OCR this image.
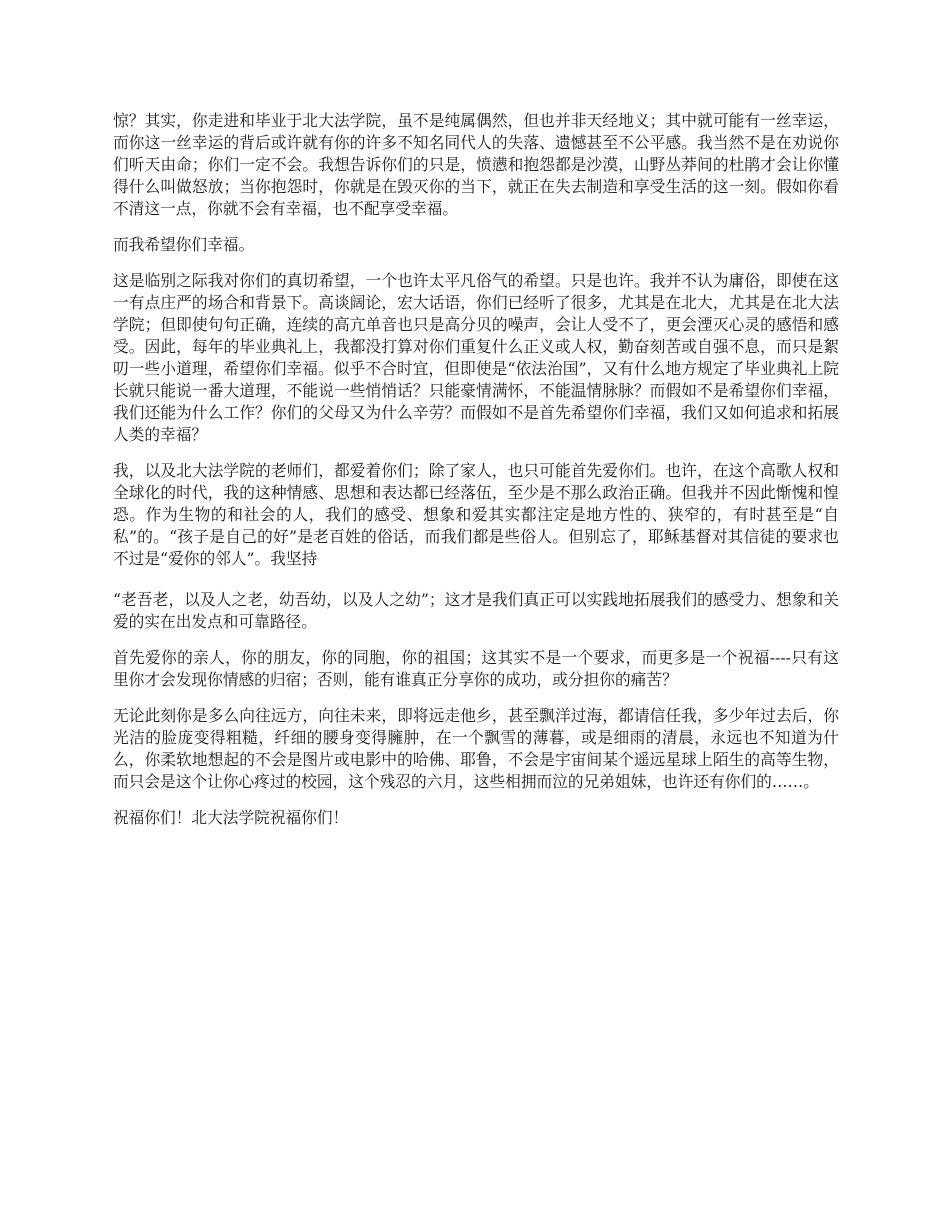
惊？其实，你走进和毕业于北大法学院，虽不是纯属偶然，但也并非天经地义；其中就可能有一丝幸运，而你这一丝幸运的背后或许就有你的许多不知名同代人的失落、遗憾甚至不公平感。我当然不是在劝说你们听天由命；你们一定不会。我想告诉你们的只是，愤懑和抱怨都是沙漠，山野丛莽间的杜鹃才会让你懂得什么叫做怒放；当你抱怨时，你就是在毁灭你的当下，就正在失去制造和享受生活的这一刻。假如你看不清这一点，你就不会有幸福，也不配享受幸福。

而我希望你们幸福。

这是临别之际我对你们的真切希望，一个也许太平凡俗气的希望。只是也许。我并不认为庸俗，即使在这一有点庄严的场合和背景下。高谈阔论，宏大话语，你们已经听了很多，尤其是在北大，尤其是在北大法学院；但即使句句正确，连续的高亢单音也只是高分贝的噪声，会让人受不了，更会湮灭心灵的感悟和感受。因此，每年的毕业典礼上，我都没打算对你们重复什么正义或人权，勤奋刻苦或自强不息，而只是絮叨一些小道理，希望你们幸福。似乎不合时宜，但即使是“依法治国”，又有什么地方规定了毕业典礼上院长就只能说一番大道理，不能说一些悄悄话？只能豪情满怀，不能温情脉脉？而假如不是希望你们幸福，我们还能为什么工作？你们的父母又为什么辛劳？而假如不是首先希望你们幸福，我们又如何追求和拓展人类的幸福？

我，以及北大法学院的老师们，都爱着你们；除了家人，也只可能首先爱你们。也许，在这个高歌人权和全球化的时代，我的这种情感、思想和表达都已经落伍，至少是不那么政治正确。但我并不因此惭愧和惶恐。作为生物的和社会的人，我们的感受、想象和爱其实都注定是地方性的、狭窄的，有时甚至是“自私”的。“孩子是自己的好”是老百姓的俗话，而我们都是些俗人。但别忘了，耶稣基督对其信徒的要求也不过是“爱你的邻人”。我坚持

“老吾老，以及人之老，幼吾幼，以及人之幼”；这才是我们真正可以实践地拓展我们的感受力、想象和关爱的实在出发点和可靠路径。

首先爱你的亲人，你的朋友，你的同胞，你的祖国；这其实不是一个要求，而更多是一个祝福----只有这里你才会发现你情感的归宿；否则，能有谁真正分享你的成功，或分担你的痛苦？

无论此刻你是多么向往远方，向往未来，即将远走他乡，甚至飘洋过海，都请信任我，多少年过去后，你光洁的脸庞变得粗糙，纤细的腰身变得臃肿，在一个飘雪的薄暮，或是细雨的清晨，永远也不知道为什么，你柔软地想起的不会是图片或电影中的哈佛、耶鲁，不会是宇宙间某个遥远星球上陌生的高等生物，而只会是这个让你心疼过的校园，这个残忍的六月，这些相拥而泣的兄弟姐妹，也许还有你们的……。

祝福你们！北大法学院祝福你们！
